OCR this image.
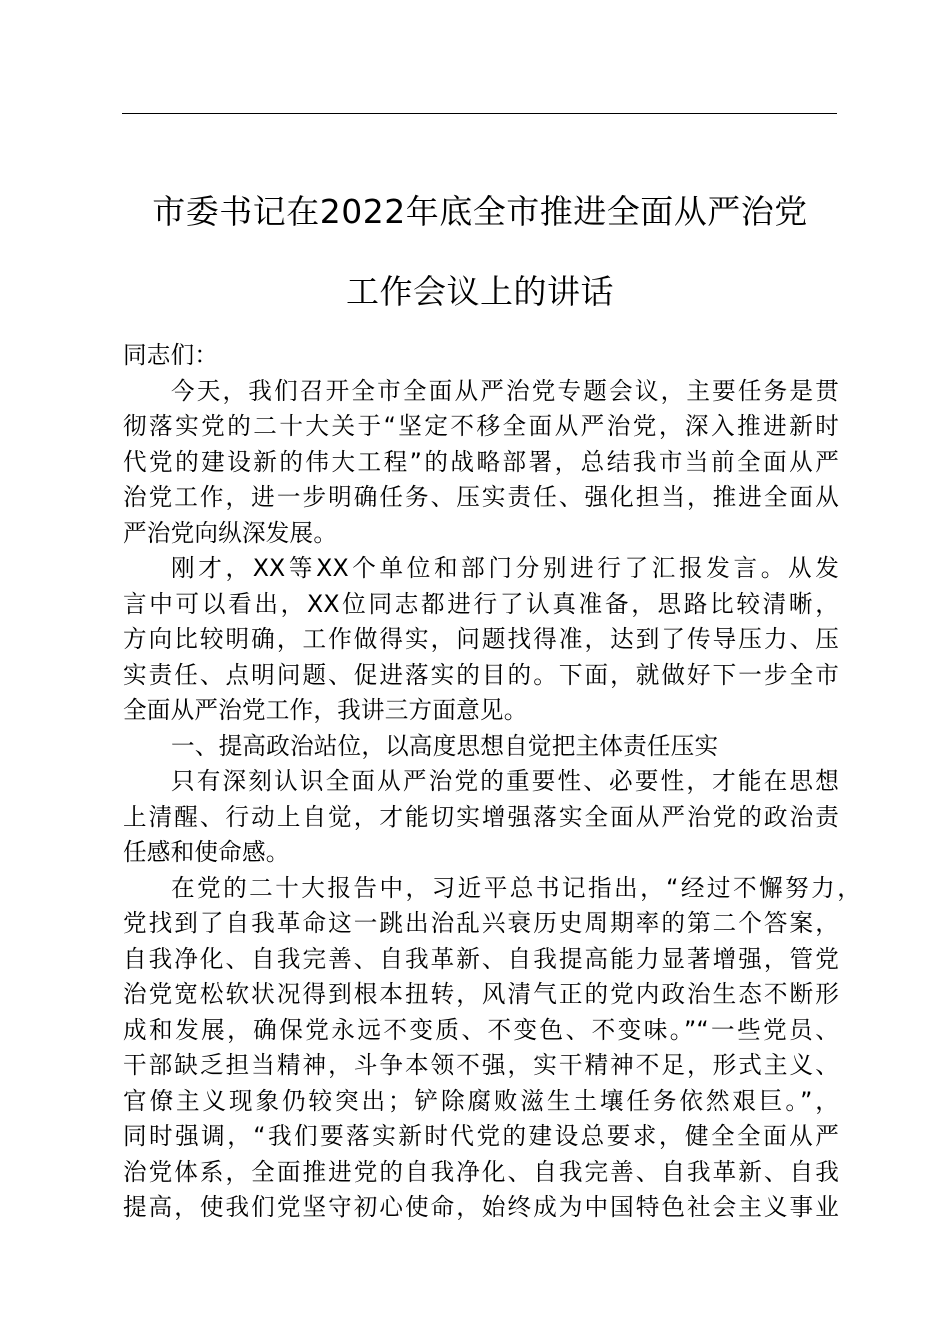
市委书记在2022年底全市推进全面从严治党
工作会议上的讲话
同志们：
今天，我们召开全市全面从严治党专题会议，主要任务是贯
彻落实党的二十大关于“坚定不移全面从严治党，深入推进新时
代党的建设新的伟大工程”的战略部署，总结我市当前全面从严
治党工作，进一步明确任务、压实责任、强化担当，推进全面从
严治党向纵深发展。
刚才，XX等XX个单位和部门分别进行了汇报发言。从发
言中可以看出，XX位同志都进行了认真准备，思路比较清晰，
方向比较明确，工作做得实，问题找得准，达到了传导压力、压
实责任、点明问题、促进落实的目的。下面，就做好下一步全市
全面从严治党工作，我讲三方面意见。
一、提高政治站位，以高度思想自觉把主体责任压实
只有深刻认识全面从严治党的重要性、必要性，才能在思想
上清醒、行动上自觉，才能切实增强落实全面从严治党的政治责
任感和使命感。
在党的二十大报告中，习近平总书记指出，“经过不懈努力，
党找到了自我革命这一跳出治乱兴衰历史周期率的第二个答案，
自我净化、自我完善、自我革新、自我提高能力显著增强，管党
治党宽松软状况得到根本扭转，风清气正的党内政治生态不断形
成和发展，确保党永远不变质、不变色、不变味。”“一些党员、
干部缺乏担当精神，斗争本领不强，实干精神不足，形式主义、
官僚主义现象仍较突出；铲除腐败滋生土壤任务依然艰巨。”，
同时强调，“我们要落实新时代党的建设总要求，健全全面从严
治党体系，全面推进党的自我净化、自我完善、自我革新、自我
提高，使我们党坚守初心使命，始终成为中国特色社会主义事业
